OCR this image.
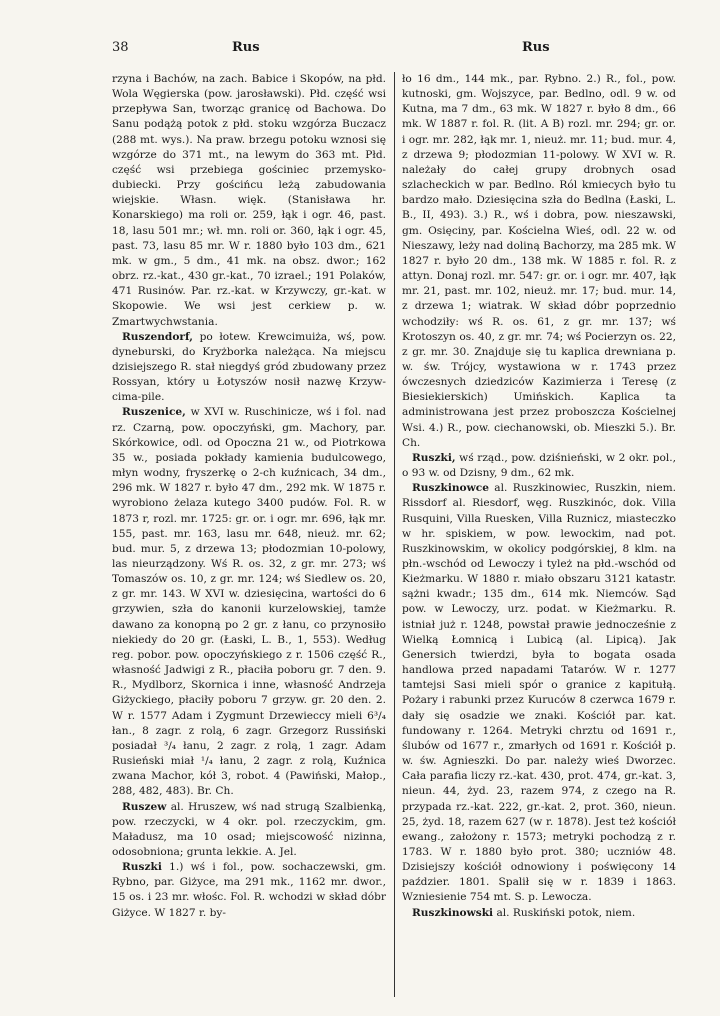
38	Rus	Rus

rzyna i Bachów, na zach. Babice i Skopów, na płd. Wola Węgierska (pow. jarosławski). Płd. część wsi przepływa San, tworząc granicę od Bachowa. Do Sanu podążą potok z płd. stoku wzgórza Buczacz (288 mt. wys.). Na praw. brzegu potoku wznosi się wzgórze do 371 mt., na lewym do 363 mt. Płd. część wsi przebiega gościniec przemysko-dubiecki. Przy gościńcu leżą zabudowania wiejskie. Własn. więk. (Stanisława hr. Konarskiego) ma roli or. 259, łąk i ogr. 46, past. 18, lasu 501 mr.; wł. mn. roli or. 360, łąk i ogr. 45, past. 73, lasu 85 mr. W r. 1880 było 103 dm., 621 mk. w gm., 5 dm., 41 mk. na obsz. dwor.; 162 obrz. rz.-kat., 430 gr.-kat., 70 izrael.; 191 Polaków, 471 Rusinów. Par. rz.-kat. w Krzywczy, gr.-kat. w Skopowie. We wsi jest cerkiew p. w. Zmartwychwstania.

Ruszendorf, po łotew. Krewcimuiża, wś, pow. dyneburski, do Kryżborka należąca. Na miejscu dzisiejszego R. stał niegdyś gród zbudowany przez Rossyan, który u Łotyszów nosił nazwę Krzyw-cima-pile.

Ruszenice, w XVI w. Ruschinicze, wś i fol. nad rz. Czarną, pow. opoczyński, gm. Machory, par. Skórkowice, odl. od Opoczna 21 w., od Piotrkowa 35 w., posiada pokłady kamienia budulcowego, młyn wodny, fryszerkę o 2-ch kuźnicach, 34 dm., 296 mk. W 1827 r. było 47 dm., 292 mk. W 1875 r. wyrobiono żelaza kutego 3400 pudów. Fol. R. w 1873 r, rozl. mr. 1725: gr. or. i ogr. mr. 696, łąk mr. 155, past. mr. 163, lasu mr. 648, nieuż. mr. 62; bud. mur. 5, z drzewa 13; płodozmian 10-polowy, las nieurządzony. Wś R. os. 32, z gr. mr. 273; wś Tomaszów os. 10, z gr. mr. 124; wś Siedlew os. 20, z gr. mr. 143. W XVI w. dziesięcina, wartości do 6 grzywien, szła do kanonii kurzelowskiej, tamże dawano za konopną po 2 gr. z łanu, co przynosiło niekiedy do 20 gr. (Łaski, L. B., 1, 553). Według reg. pobor. pow. opoczyńskiego z r. 1506 część R., własność Jadwigi z R., płaciła poboru gr. 7 den. 9. R., Mydlborz, Skornica i inne, własność Andrzeja Giżyckiego, płaciły poboru 7 grzyw. gr. 20 den. 2. W r. 1577 Adam i Zygmunt Drzewieccy mieli 6³/₄ łan., 8 zagr. z rolą, 6 zagr. Grzegorz Russiński posiadał ³/₄ łanu, 2 zagr. z rolą, 1 zagr. Adam Rusieński miał ¹/₄ łanu, 2 zagr. z rolą, Kuźnica zwana Machor, kół 3, robot. 4 (Pawiński, Małop., 288, 482, 483). Br. Ch.

Ruszew al. Hruszew, wś nad strugą Szalbienką, pow. rzeczycki, w 4 okr. pol. rzeczyckim, gm. Maładusz, ma 10 osad; miejscowość nizinna, odosobniona; grunta lekkie. A. Jel.

Ruszki 1.) wś i fol., pow. sochaczewski, gm. Rybno, par. Giżyce, ma 291 mk., 1162 mr. dwor., 15 os. i 23 mr. włośc. Fol. R. wchodzi w skład dóbr Giżyce. W 1827 r. by-

ło 16 dm., 144 mk., par. Rybno. 2.) R., fol., pow. kutnoski, gm. Wojszyce, par. Bedlno, odl. 9 w. od Kutna, ma 7 dm., 63 mk. W 1827 r. było 8 dm., 66 mk. W 1887 r. fol. R. (lit. A B) rozl. mr. 294; gr. or. i ogr. mr. 282, łąk mr. 1, nieuż. mr. 11; bud. mur. 4, z drzewa 9; płodozmian 11-polowy. W XVI w. R. należały do całej grupy drobnych osad szlacheckich w par. Bedlno. Ról kmiecych było tu bardzo mało. Dziesięcina szła do Bedlna (Łaski, L. B., II, 493). 3.) R., wś i dobra, pow. nieszawski, gm. Osięciny, par. Kościelna Wieś, odl. 22 w. od Nieszawy, leży nad doliną Bachorzy, ma 285 mk. W 1827 r. było 20 dm., 138 mk. W 1885 r. fol. R. z attyn. Donaj rozl. mr. 547: gr. or. i ogr. mr. 407, łąk mr. 21, past. mr. 102, nieuż. mr. 17; bud. mur. 14, z drzewa 1; wiatrak. W skład dóbr poprzednio wchodziły: wś R. os. 61, z gr. mr. 137; wś Krotoszyn os. 40, z gr. mr. 74; wś Pocierzyn os. 22, z gr. mr. 30. Znajduje się tu kaplica drewniana p. w. św. Trójcy, wystawiona w r. 1743 przez ówczesnych dziedziców Kazimierza i Teresę (z Biesiekierskich) Umińskich. Kaplica ta administrowana jest przez proboszcza Kościelnej Wsi. 4.) R., pow. ciechanowski, ob. Mieszki 5.). Br. Ch.

Ruszki, wś rząd., pow. dziśnieński, w 2 okr. pol., o 93 w. od Dzisny, 9 dm., 62 mk.

Ruszkinowce al. Ruszkinowiec, Ruszkin, niem. Rissdorf al. Riesdorf, węg. Ruszkinóc, dok. Villa Rusquini, Villa Ruesken, Villa Ruznicz, miasteczko w hr. spiskiem, w pow. lewockim, nad pot. Ruszkinowskim, w okolicy podgórskiej, 8 klm. na płn.-wschód od Lewoczy i tyleż na płd.-wschód od Kieżmarku. W 1880 r. miało obszaru 3121 katastr. sążni kwadr.; 135 dm., 614 mk. Niemców. Sąd pow. w Lewoczy, urz. podat. w Kieżmarku. R. istniał już r. 1248, powstał prawie jednocześnie z Wielką Łomnicą i Lubicą (al. Lipicą). Jak Genersich twierdzi, była to bogata osada handlowa przed napadami Tatarów. W r. 1277 tamtejsi Sasi mieli spór o granice z kapitułą. Pożary i rabunki przez Kuruców 8 czerwca 1679 r. dały się osadzie we znaki. Kościół par. kat. fundowany r. 1264. Metryki chrztu od 1691 r., ślubów od 1677 r., zmarłych od 1691 r. Kościół p. w. św. Agnieszki. Do par. należy wieś Dworzec. Cała parafia liczy rz.-kat. 430, prot. 474, gr.-kat. 3, nieun. 44, żyd. 23, razem 974, z czego na R. przypada rz.-kat. 222, gr.-kat. 2, prot. 360, nieun. 25, żyd. 18, razem 627 (w r. 1878). Jest też kościół ewang., założony r. 1573; metryki pochodzą z r. 1783. W r. 1880 było prot. 380; uczniów 48. Dzisiejszy kościół odnowiony i poświęcony 14 paździer. 1801. Spalił się w r. 1839 i 1863. Wzniesienie 754 mt. S. p. Lewocza.

Ruszkinowski al. Ruskiński potok, niem.
